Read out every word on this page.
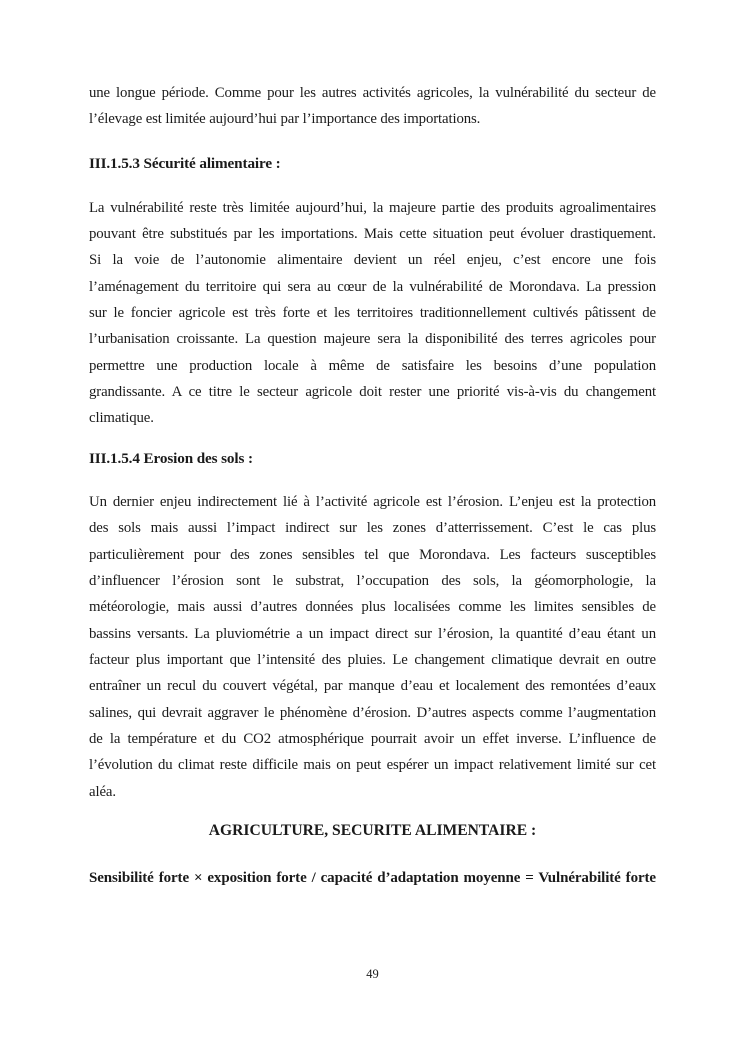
une longue période. Comme pour les autres activités agricoles, la vulnérabilité du secteur de
l’élevage est limitée aujourd’hui par l’importance des importations.
III.1.5.3 Sécurité alimentaire :
La vulnérabilité reste très limitée aujourd’hui, la majeure partie des produits agroalimentaires
pouvant être substitués par les importations. Mais cette situation peut évoluer drastiquement.
Si la voie de l’autonomie alimentaire devient un réel enjeu, c’est encore une fois
l’aménagement du territoire qui sera au cœur de la vulnérabilité de Morondava. La pression
sur le foncier agricole est très forte et les territoires traditionnellement cultivés pâtissent de
l’urbanisation croissante. La question majeure sera la disponibilité des terres agricoles pour
permettre une production locale à même de satisfaire les besoins d’une population
grandissante. A ce titre le secteur agricole doit rester une priorité vis-à-vis du changement
climatique.
III.1.5.4 Erosion des sols :
Un dernier enjeu indirectement lié à l’activité agricole est l’érosion. L’enjeu est la protection
des sols mais aussi l’impact indirect sur les zones d’atterrissement. C’est le cas plus
particulièrement pour des zones sensibles tel que Morondava. Les facteurs susceptibles
d’influencer l’érosion sont le substrat, l’occupation des sols, la géomorphologie, la
météorologie, mais aussi d’autres données plus localisées comme les limites sensibles de
bassins versants. La pluviométrie a un impact direct sur l’érosion, la quantité d’eau étant un
facteur plus important que l’intensité des pluies. Le changement climatique devrait en outre
entraîner un recul du couvert végétal, par manque d’eau et localement des remontées d’eaux
salines, qui devrait aggraver le phénomène d’érosion. D’autres aspects comme l’augmentation
de la température et du CO2 atmosphérique pourrait avoir un effet inverse. L’influence de
l’évolution du climat reste difficile mais on peut espérer un impact relativement limité sur cet
aléa.
AGRICULTURE, SECURITE ALIMENTAIRE :
Sensibilité forte × exposition forte / capacité d’adaptation moyenne = Vulnérabilité forte
49
